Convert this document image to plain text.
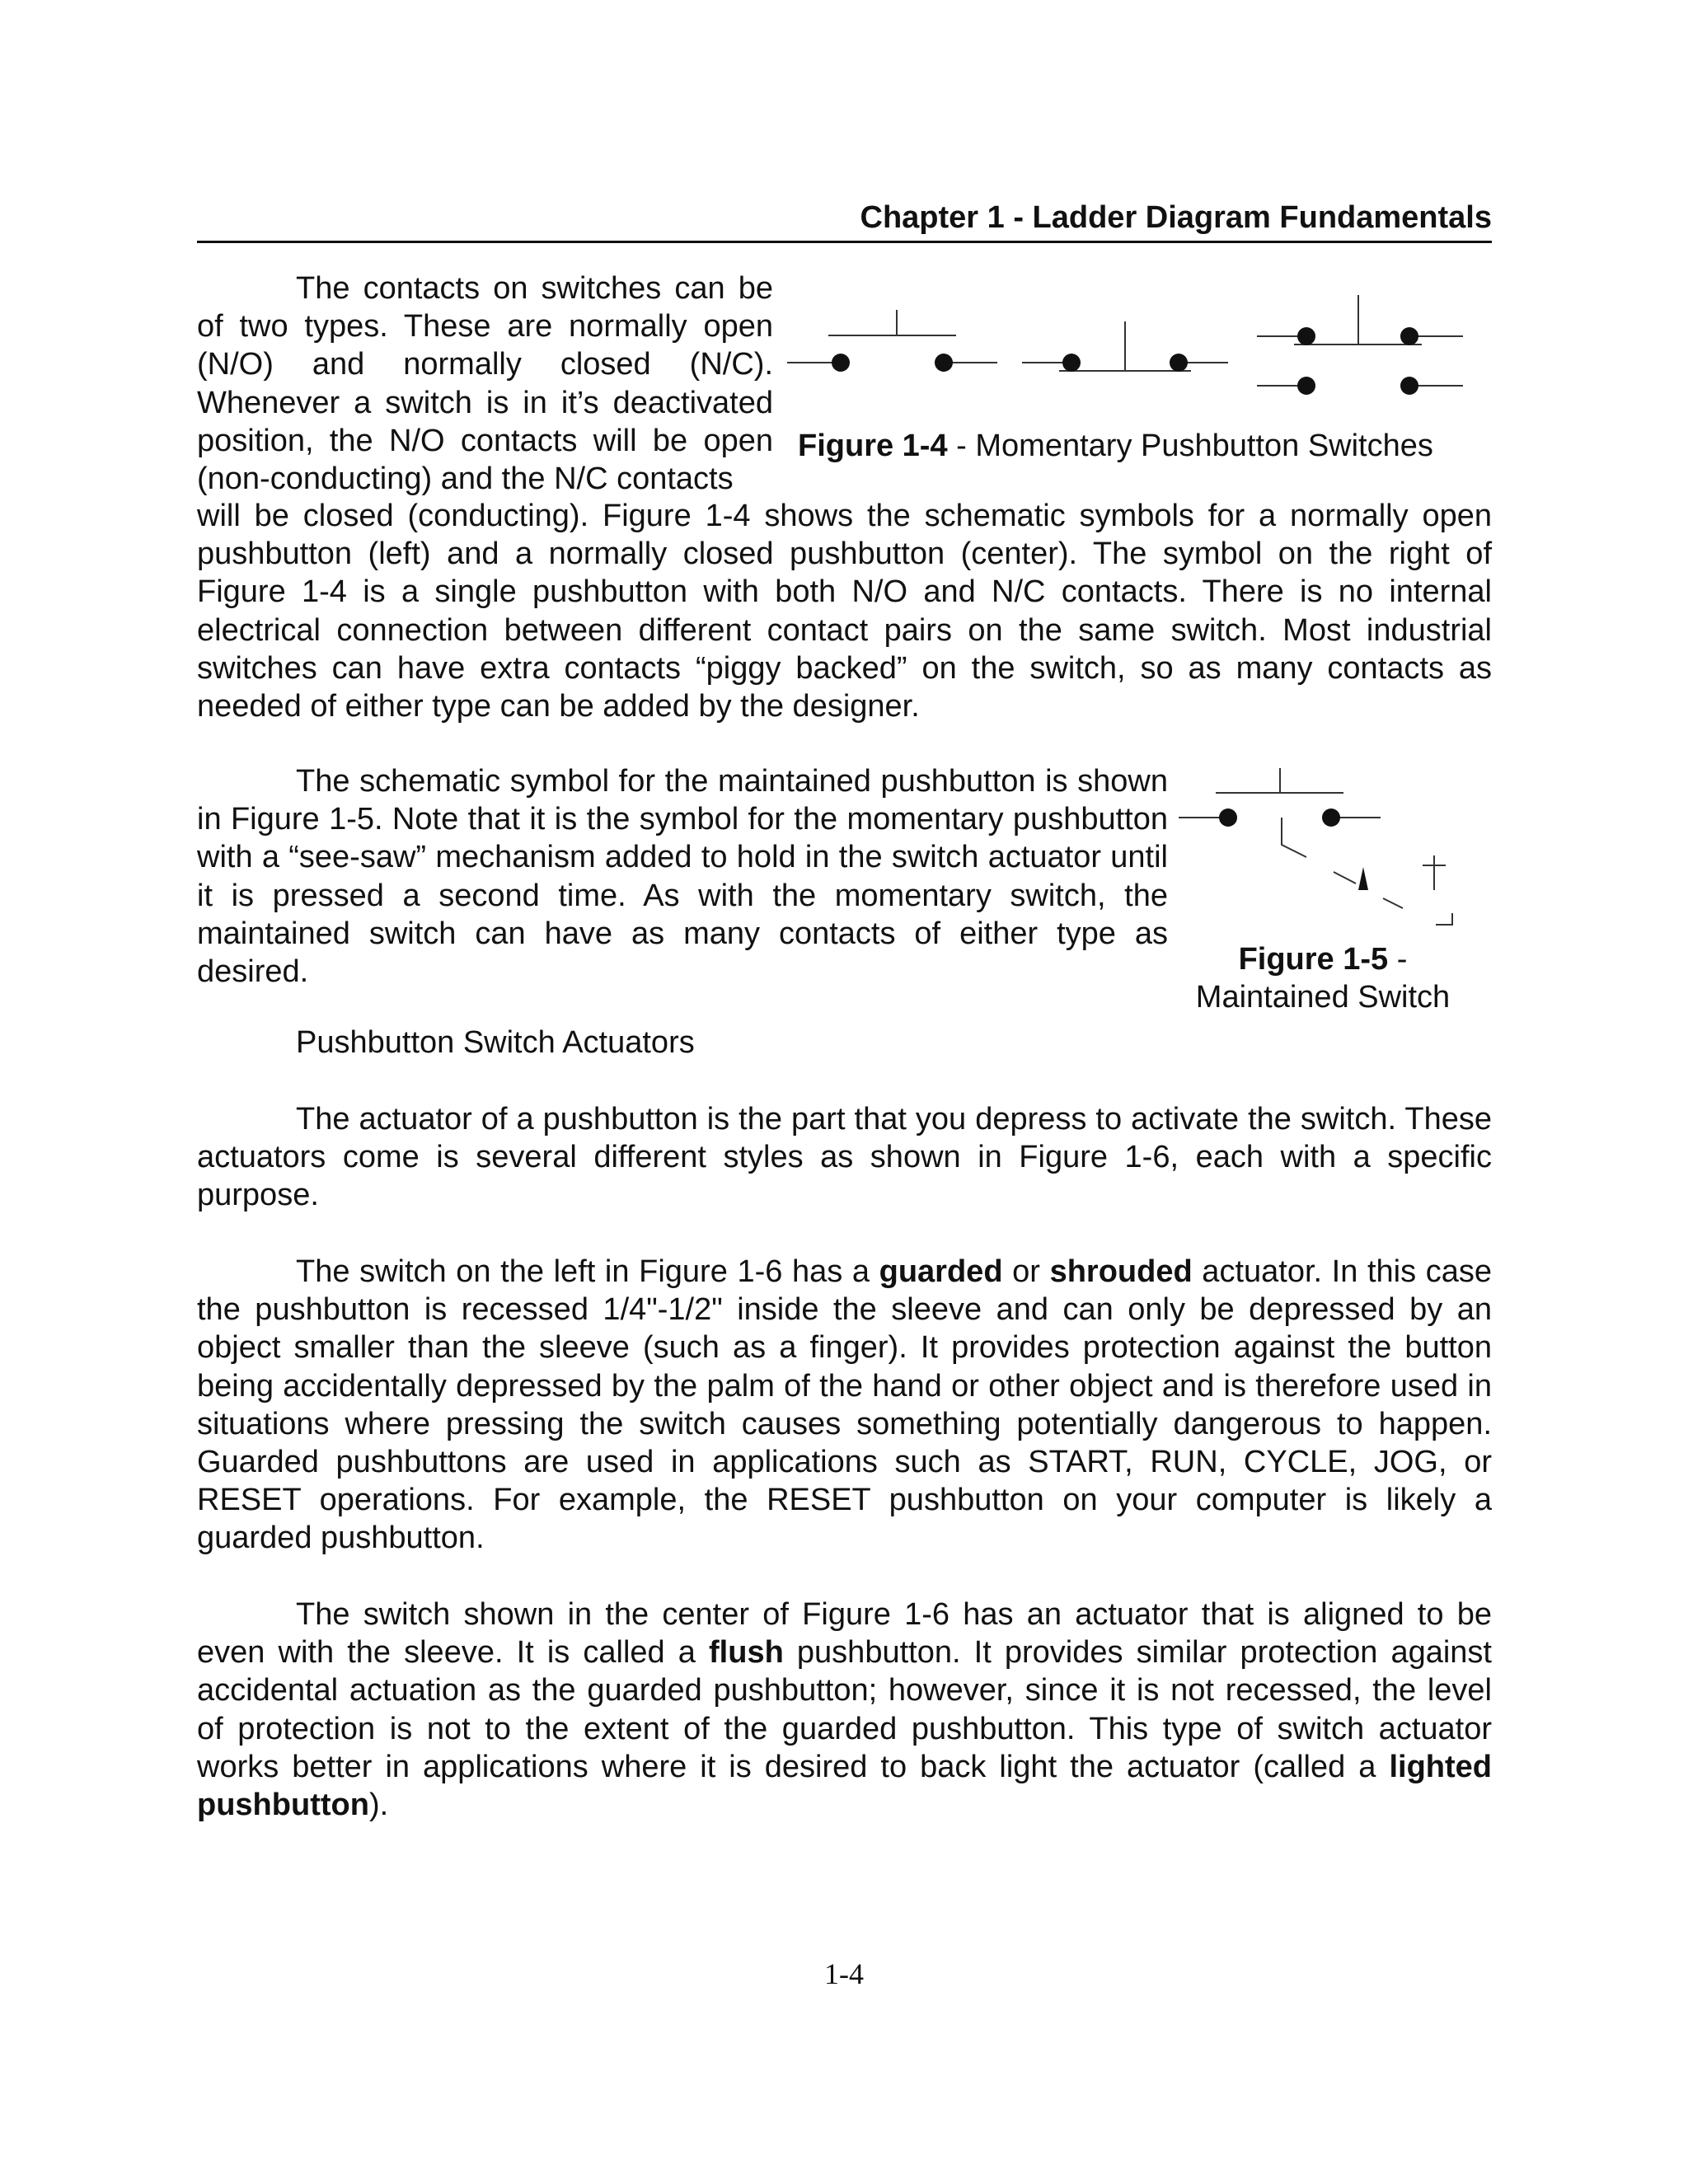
Chapter 1 - Ladder Diagram Fundamentals

The contacts on switches can be of two types. These are normally open (N/O) and normally closed (N/C). Whenever a switch is in it’s deactivated position, the N/O contacts will be open (non-conducting) and the N/C contacts

Figure 1-4 - Momentary Pushbutton Switches

will be closed (conducting). Figure 1-4 shows the schematic symbols for a normally open pushbutton (left) and a normally closed pushbutton (center). The symbol on the right of Figure 1-4 is a single pushbutton with both N/O and N/C contacts. There is no internal electrical connection between different contact pairs on the same switch. Most industrial switches can have extra contacts “piggy backed” on the switch, so as many contacts as needed of either type can be added by the designer.

The schematic symbol for the maintained pushbutton is shown in Figure 1-5. Note that it is the symbol for the momentary pushbutton with a “see-saw” mechanism added to hold in the switch actuator until it is pressed a second time. As with the momentary switch, the maintained switch can have as many contacts of either type as desired.	Figure 1-5 -
Maintained Switch
Pushbutton Switch Actuators

The actuator of a pushbutton is the part that you depress to activate the switch. These actuators come is several different styles as shown in Figure 1-6, each with a specific purpose.

The switch on the left in Figure 1-6 has a guarded or shrouded actuator. In this case the pushbutton is recessed 1/4"-1/2" inside the sleeve and can only be depressed by an object smaller than the sleeve (such as a finger). It provides protection against the button being accidentally depressed by the palm of the hand or other object and is therefore used in situations where pressing the switch causes something potentially dangerous to happen. Guarded pushbuttons are used in applications such as START, RUN, CYCLE, JOG, or RESET operations. For example, the RESET pushbutton on your computer is likely a guarded pushbutton.

The switch shown in the center of Figure 1-6 has an actuator that is aligned to be even with the sleeve. It is called a flush pushbutton. It provides similar protection against accidental actuation as the guarded pushbutton; however, since it is not recessed, the level of protection is not to the extent of the guarded pushbutton. This type of switch actuator works better in applications where it is desired to back light the actuator (called a lighted pushbutton).

1-4
